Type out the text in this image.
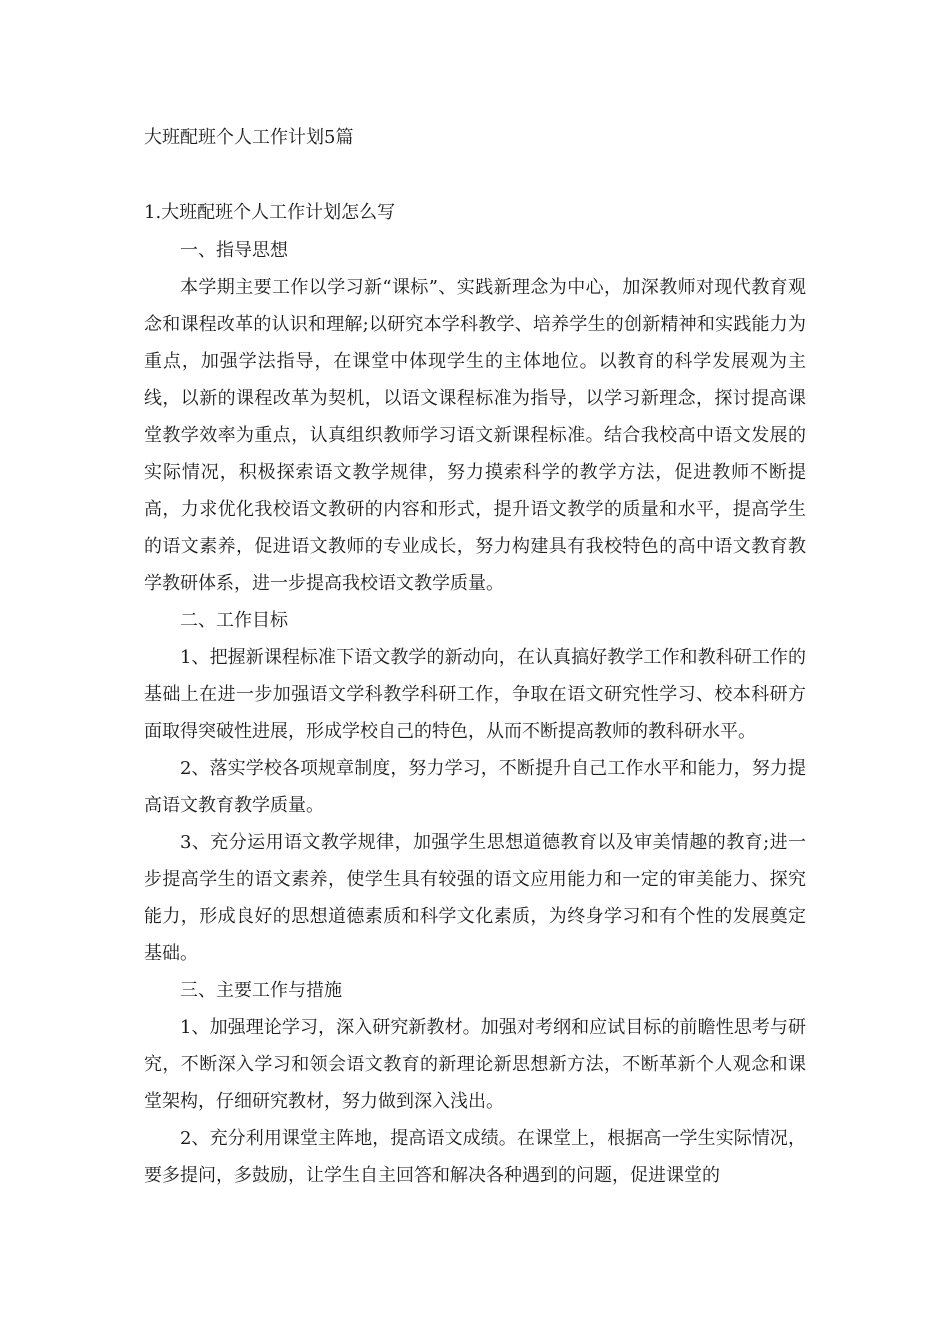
大班配班个人工作计划5篇
1.大班配班个人工作计划怎么写

一、指导思想

本学期主要工作以学习新“课标”、实践新理念为中心，加深教师对现代教育观念和课程改革的认识和理解;以研究本学科教学、培养学生的创新精神和实践能力为重点，加强学法指导，在课堂中体现学生的主体地位。以教育的科学发展观为主线，以新的课程改革为契机，以语文课程标准为指导，以学习新理念，探讨提高课堂教学效率为重点，认真组织教师学习语文新课程标准。结合我校高中语文发展的实际情况，积极探索语文教学规律，努力摸索科学的教学方法，促进教师不断提高，力求优化我校语文教研的内容和形式，提升语文教学的质量和水平，提高学生的语文素养，促进语文教师的专业成长，努力构建具有我校特色的高中语文教育教学教研体系，进一步提高我校语文教学质量。

二、工作目标

1、把握新课程标准下语文教学的新动向，在认真搞好教学工作和教科研工作的基础上在进一步加强语文学科教学科研工作，争取在语文研究性学习、校本科研方面取得突破性进展，形成学校自己的特色，从而不断提高教师的教科研水平。

2、落实学校各项规章制度，努力学习，不断提升自己工作水平和能力，努力提高语文教育教学质量。

3、充分运用语文教学规律，加强学生思想道德教育以及审美情趣的教育;进一步提高学生的语文素养，使学生具有较强的语文应用能力和一定的审美能力、探究能力，形成良好的思想道德素质和科学文化素质，为终身学习和有个性的发展奠定基础。

三、主要工作与措施

1、加强理论学习，深入研究新教材。加强对考纲和应试目标的前瞻性思考与研究，不断深入学习和领会语文教育的新理论新思想新方法，不断革新个人观念和课堂架构，仔细研究教材，努力做到深入浅出。

2、充分利用课堂主阵地，提高语文成绩。在课堂上，根据高一学生实际情况，要多提问，多鼓励，让学生自主回答和解决各种遇到的问题，促进课堂的
